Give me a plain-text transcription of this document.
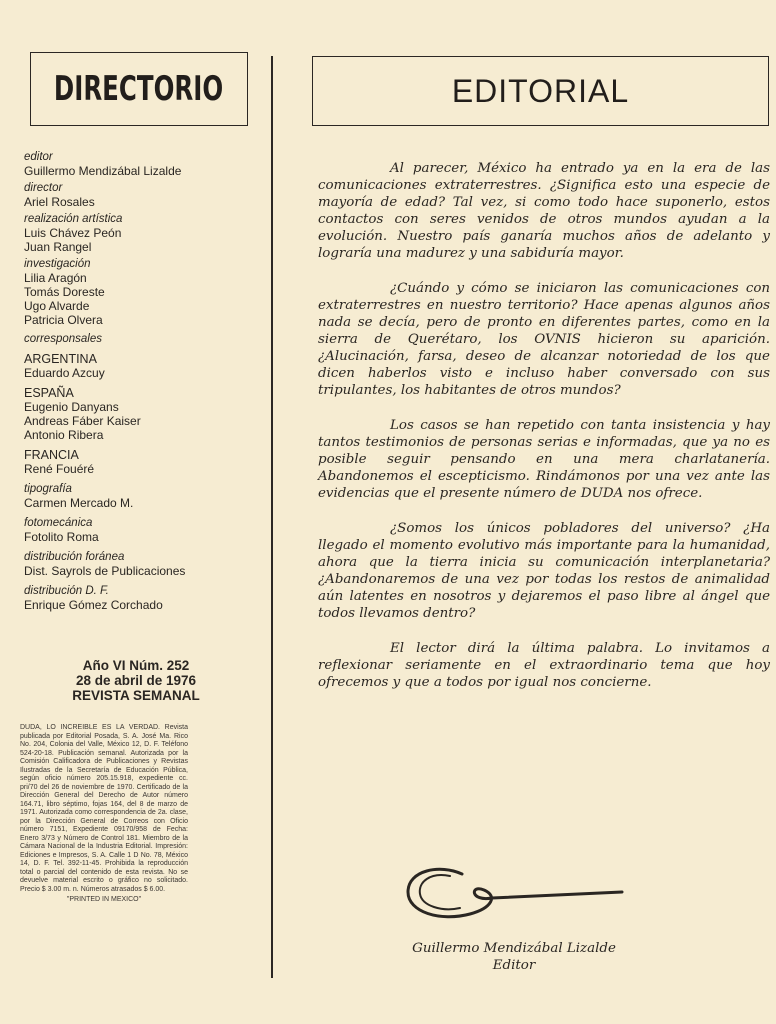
DIRECTORIO
editor
Guillermo Mendizábal Lizalde
director
Ariel Rosales
realización artística
Luis Chávez Peón
Juan Rangel
investigación
Lilia Aragón
Tomás Doreste
Ugo Alvarde
Patricia Olvera
corresponsales
ARGENTINA
Eduardo Azcuy
ESPAÑA
Eugenio Danyans
Andreas Fáber Kaiser
Antonio Ribera
FRANCIA
René Fouéré
tipografía
Carmen Mercado M.
fotomecánica
Fotolito Roma
distribución foránea
Dist. Sayrols de Publicaciones
distribución D. F.
Enrique Gómez Corchado
Año VI Núm. 252
28 de abril de 1976
REVISTA SEMANAL
DUDA, LO INCREIBLE ES LA VERDAD. Revista publicada por Editorial Posada, S. A. José Ma. Rico No. 204, Colonia del Valle, México 12, D. F. Teléfono 524-20-18. Publicación semanal. Autorizada por la Comisión Calificadora de Publicaciones y Revistas Ilustradas de la Secretaría de Educación Pública, según oficio número 205.15.918, expediente cc. pri/70 del 26 de noviembre de 1970. Certificado de la Dirección General del Derecho de Autor número 164.71, libro séptimo, fojas 164, del 8 de marzo de 1971. Autorizada como correspondencia de 2a. clase, por la Dirección General de Correos con Oficio número 7151, Expediente 09170/958 de Fecha: Enero 3/73 y Número de Control 181. Miembro de la Cámara Nacional de la Industria Editorial. Impresión: Ediciones e Impresos, S. A. Calle 1 D No. 78, México 14, D. F. Tel. 392-11-45. Prohibida la reproducción total o parcial del contenido de esta revista. No se devuelve material escrito o gráfico no solicitado. Precio $ 3.00 m. n. Números atrasados $ 6.00.
"PRINTED IN MEXICO"
EDITORIAL

Al parecer, México ha entrado ya en la era de las comunicaciones extraterrestres. ¿Significa esto una especie de mayoría de edad? Tal vez, si como todo hace suponerlo, estos contactos con seres venidos de otros mundos ayudan a la evolución. Nuestro país ganaría muchos años de adelanto y lograría una madurez y una sabiduría mayor.

¿Cuándo y cómo se iniciaron las comunicaciones con extraterrestres en nuestro territorio? Hace apenas algunos años nada se decía, pero de pronto en diferentes partes, como en la sierra de Querétaro, los OVNIS hicieron su aparición. ¿Alucinación, farsa, deseo de alcanzar notoriedad de los que dicen haberlos visto e incluso haber conversado con sus tripulantes, los habitantes de otros mundos?

Los casos se han repetido con tanta insistencia y hay tantos testimonios de personas serias e informadas, que ya no es posible seguir pensando en una mera charlatanería. Abandonemos el escepticismo. Rindámonos por una vez ante las evidencias que el presente número de DUDA nos ofrece.

¿Somos los únicos pobladores del universo? ¿Ha llegado el momento evolutivo más importante para la humanidad, ahora que la tierra inicia su comunicación interplanetaria? ¿Abandonaremos de una vez por todas los restos de animalidad aún latentes en nosotros y dejaremos el paso libre al ángel que todos llevamos dentro?

El lector dirá la última palabra. Lo invitamos a reflexionar seriamente en el extraordinario tema que hoy ofrecemos y que a todos por igual nos concierne.

Guillermo Mendizábal Lizalde
Editor
